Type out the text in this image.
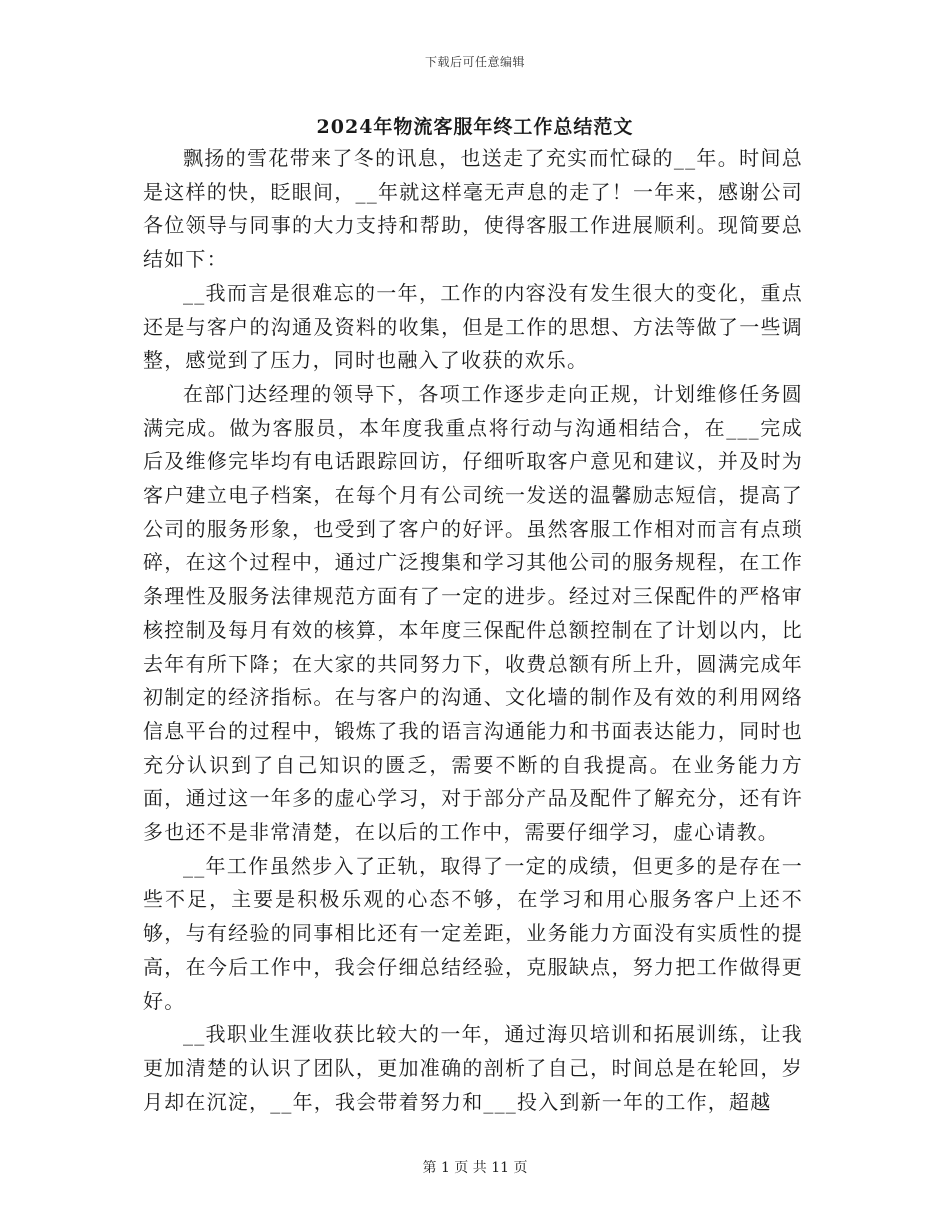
下载后可任意编辑
2024年物流客服年终工作总结范文

飘扬的雪花带来了冬的讯息，也送走了充实而忙碌的__年。时间总是这样的快，眨眼间，__年就这样毫无声息的走了！一年来，感谢公司各位领导与同事的大力支持和帮助，使得客服工作进展顺利。现简要总结如下：

__我而言是很难忘的一年，工作的内容没有发生很大的变化，重点还是与客户的沟通及资料的收集，但是工作的思想、方法等做了一些调整，感觉到了压力，同时也融入了收获的欢乐。

在部门达经理的领导下，各项工作逐步走向正规，计划维修任务圆满完成。做为客服员，本年度我重点将行动与沟通相结合，在___完成后及维修完毕均有电话跟踪回访，仔细听取客户意见和建议，并及时为客户建立电子档案，在每个月有公司统一发送的温馨励志短信，提高了公司的服务形象，也受到了客户的好评。虽然客服工作相对而言有点琐碎，在这个过程中，通过广泛搜集和学习其他公司的服务规程，在工作条理性及服务法律规范方面有了一定的进步。经过对三保配件的严格审核控制及每月有效的核算，本年度三保配件总额控制在了计划以内，比去年有所下降；在大家的共同努力下，收费总额有所上升，圆满完成年初制定的经济指标。在与客户的沟通、文化墙的制作及有效的利用网络信息平台的过程中，锻炼了我的语言沟通能力和书面表达能力，同时也充分认识到了自己知识的匮乏，需要不断的自我提高。在业务能力方面，通过这一年多的虚心学习，对于部分产品及配件了解充分，还有许多也还不是非常清楚，在以后的工作中，需要仔细学习，虚心请教。

__年工作虽然步入了正轨，取得了一定的成绩，但更多的是存在一些不足，主要是积极乐观的心态不够，在学习和用心服务客户上还不够，与有经验的同事相比还有一定差距，业务能力方面没有实质性的提高，在今后工作中，我会仔细总结经验，克服缺点，努力把工作做得更好。

__我职业生涯收获比较大的一年，通过海贝培训和拓展训练，让我更加清楚的认识了团队，更加准确的剖析了自己，时间总是在轮回，岁月却在沉淀，__年，我会带着努力和___投入到新一年的工作，超越

第 1 页 共 11 页
